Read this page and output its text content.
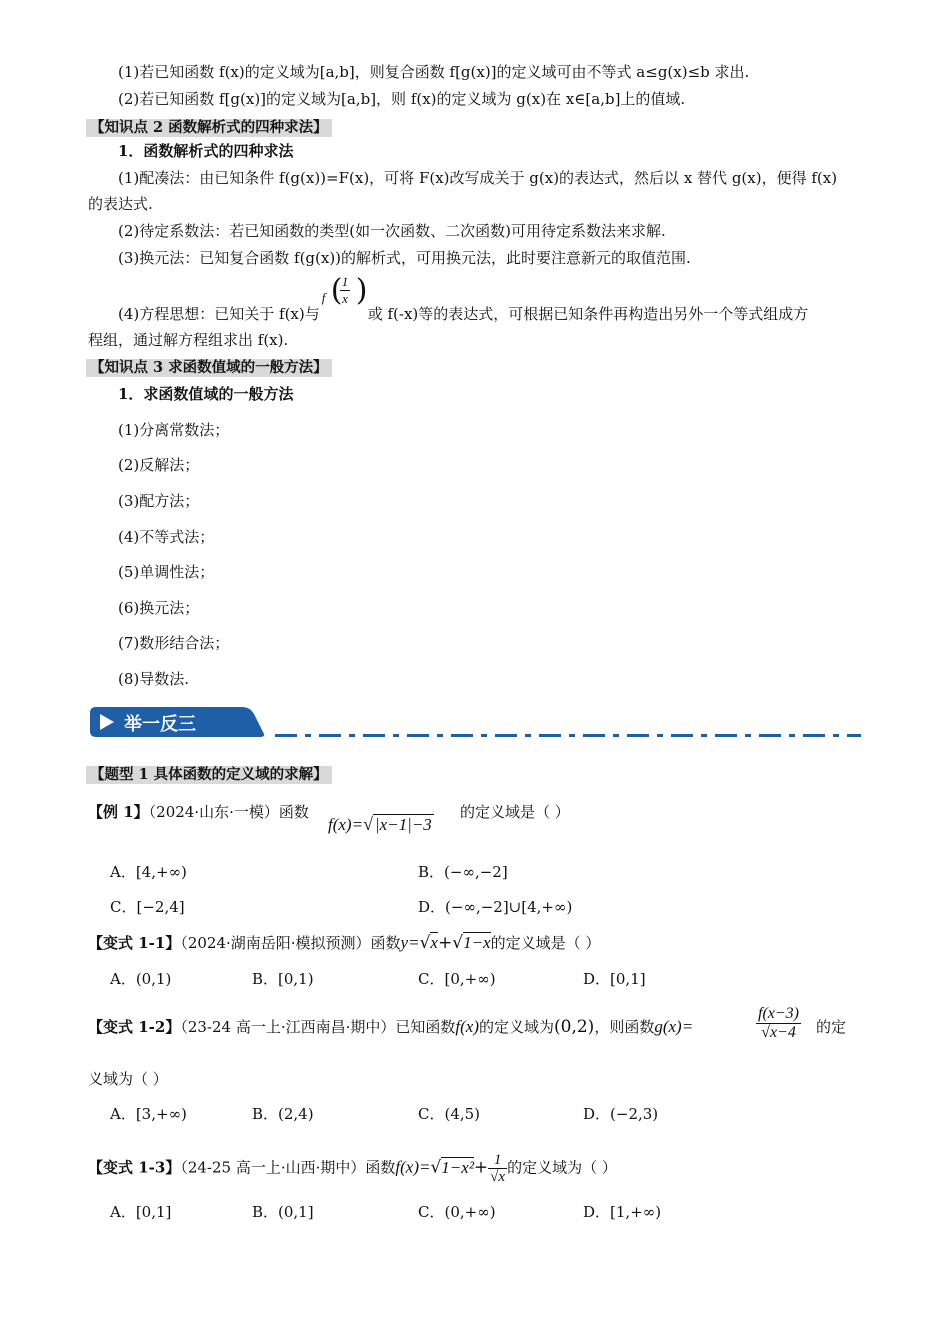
(1)若已知函数 f(x)的定义域为[a,b]，则复合函数 f[g(x)]的定义域可由不等式 a≤g(x)≤b 求出.
(2)若已知函数 f[g(x)]的定义域为[a,b]，则 f(x)的定义域为 g(x)在 x∈[a,b]上的值域.
【知识点 2 函数解析式的四种求法】
1．函数解析式的四种求法
(1)配凑法：由已知条件 f(g(x))=F(x)，可将 F(x)改写成关于 g(x)的表达式，然后以 x 替代 g(x)，便得 f(x)
的表达式.
(2)待定系数法：若已知函数的类型(如一次函数、二次函数)可用待定系数法来求解.
(3)换元法：已知复合函数 f(g(x))的解析式，可用换元法，此时要注意新元的取值范围.
(4)方程思想：已知关于 f(x)与
f (
$\frac{1}{x}$ )
或 f(-x)等的表达式，可根据已知条件再构造出另外一个等式组成方
程组，通过解方程组求出 f(x).
【知识点 3 求函数值域的一般方法】
1．求函数值域的一般方法
(1)分离常数法；
(2)反解法；
(3)配方法；
(4)不等式法；
(5)单调性法；
(6)换元法；
(7)数形结合法；
(8)导数法.
举一反三
【题型 1 具体函数的定义域的求解】
【例 1】（2024·山东·一模）函数
f(x)=√ |x−1|−3
的定义域是（ ）
A．[4,+∞)	B．(−∞,−2]
C．[−2,4]	D．(−∞,−2]∪[4,+∞)
【变式 1-1】（2024·湖南岳阳·模拟预测）函数y=√x+√1−x的定义域是（ ）
A．(0,1)	B．[0,1)	C．[0,+∞)	D．[0,1]
【变式 1-2】（23-24 高一上·江西南昌·期中）已知函数f(x)的定义域为(0,2)，则函数g(x)=	$\frac{f(x-3)}{√x-4}$ 的定
义域为（ ）
A．[3,+∞)	B．(2,4)	C．(4,5)	D．(−2,3)
【变式 1-3】（24-25 高一上·山西·期中）函数$f(x)=√1-x^2+ \frac{1}{√x}$ 的定义域为（ ）
A．[0,1]	B．(0,1]	C．(0,+∞)	D．[1,+∞)
